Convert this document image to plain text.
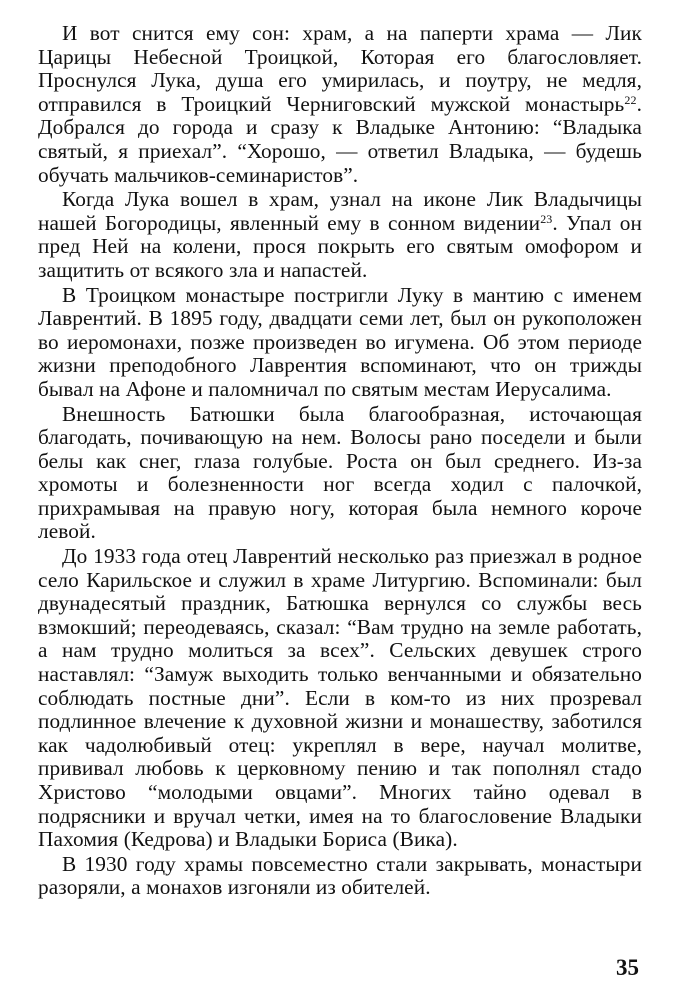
И вот снится ему сон: храм, а на паперти храма — Лик Царицы Небесной Троицкой, Которая его благословляет. Проснулся Лука, душа его умирилась, и поутру, не медля, отправился в Троицкий Черниговский мужской монастырь$^{22}$. Добрался до города и сразу к Владыке Антонию: “Владыка святый, я приехал”. “Хорошо, — ответил Владыка, — будешь обучать мальчиков-семинаристов”.

Когда Лука вошел в храм, узнал на иконе Лик Владычицы нашей Богородицы, явленный ему в сонном видении$^{23}$. Упал он пред Ней на колени, прося покрыть его святым омофором и защитить от всякого зла и напастей.

В Троицком монастыре постригли Луку в мантию с именем Лаврентий. В 1895 году, двадцати семи лет, был он рукоположен во иеромонахи, позже произведен во игумена. Об этом периоде жизни преподобного Лаврентия вспоминают, что он трижды бывал на Афоне и паломничал по святым местам Иерусалима.

Внешность Батюшки была благообразная, источающая благодать, почивающую на нем. Волосы рано поседели и были белы как снег, глаза голубые. Роста он был среднего. Из-за хромоты и болезненности ног всегда ходил с палочкой, прихрамывая на правую ногу, которая была немного короче левой.

До 1933 года отец Лаврентий несколько раз приезжал в родное село Карильское и служил в храме Литургию. Вспоминали: был двунадесятый праздник, Батюшка вернулся со службы весь взмокший; переодеваясь, сказал: “Вам трудно на земле работать, а нам трудно молиться за всех”. Сельских девушек строго наставлял: “Замуж выходить только венчанными и обязательно соблюдать постные дни”. Если в ком-то из них прозревал подлинное влечение к духовной жизни и монашеству, заботился как чадолюбивый отец: укреплял в вере, научал молитве, прививал любовь к церковному пению и так пополнял стадо Христово “молодыми овцами”. Многих тайно одевал в подрясники и вручал четки, имея на то благословение Владыки Пахомия (Кедрова) и Владыки Бориса (Вика).

В 1930 году храмы повсеместно стали закрывать, монастыри разоряли, а монахов изгоняли из обителей.

35
